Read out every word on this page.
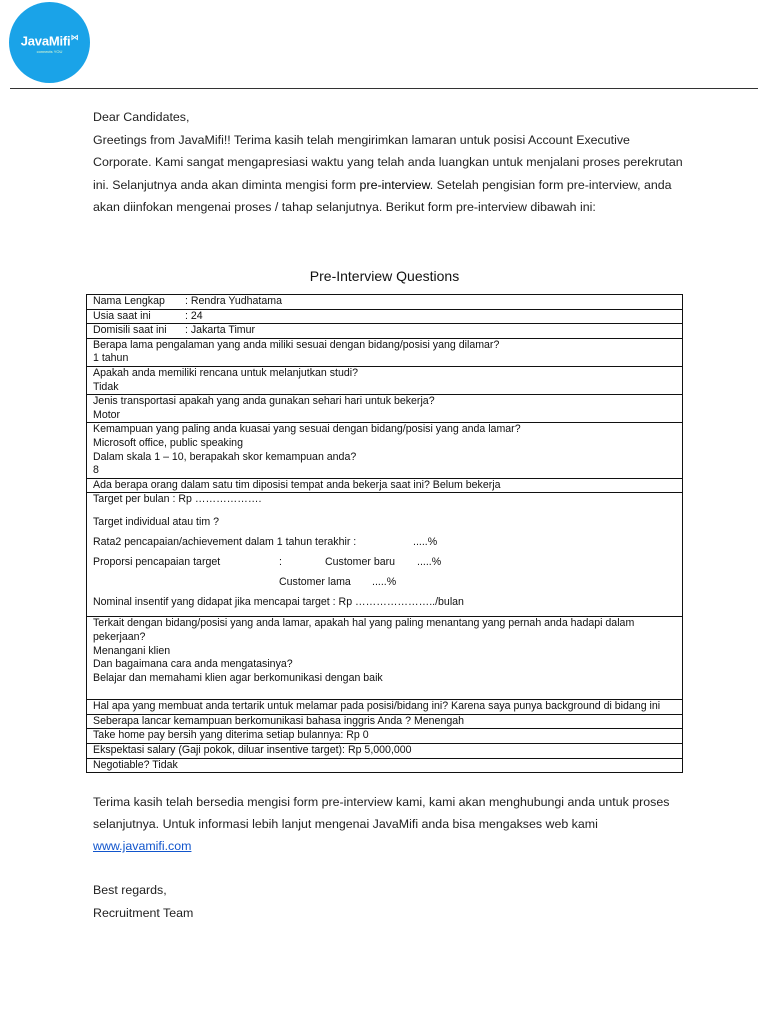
JavaMifi⋈
connects YOU

Dear Candidates,

Greetings from JavaMifi!! Terima kasih telah mengirimkan lamaran untuk posisi Account Executive Corporate. Kami sangat mengapresiasi waktu yang telah anda luangkan untuk menjalani proses perekrutan ini. Selanjutnya anda akan diminta mengisi form pre-interview. Setelah pengisian form pre-interview, anda akan diinfokan mengenai proses / tahap selanjutnya. Berikut form pre-interview dibawah ini:

Pre-Interview Questions
Nama Lengkap : Rendra Yudhatama
Usia saat ini	: 24
Domisili saat ini : Jakarta Timur

Berapa lama pengalaman yang anda miliki sesuai dengan bidang/posisi yang dilamar?
1 tahun

Apakah anda memiliki rencana untuk melanjutkan studi?
Tidak

Jenis transportasi apakah yang anda gunakan sehari hari untuk bekerja?
Motor

Kemampuan yang paling anda kuasai yang sesuai dengan bidang/posisi yang anda lamar?
Microsoft office, public speaking
Dalam skala 1 – 10, berapakah skor kemampuan anda?
8

Ada berapa orang dalam satu tim diposisi tempat anda bekerja saat ini? Belum bekerja

Target per bulan : Rp ……………….
Target individual atau tim ?
Rata2 pencapaian/achievement dalam 1 tahun terakhir :	.....%
Proporsi pencapaian target	:	Customer baru .....%
Customer lama .....%
Nominal insentif yang didapat jika mencapai target : Rp …………………../bulan

Terkait dengan bidang/posisi yang anda lamar, apakah hal yang paling menantang yang pernah anda hadapi dalam pekerjaan?
Menangani klien
Dan bagaimana cara anda mengatasinya?
Belajar dan memahami klien agar berkomunikasi dengan baik

Hal apa yang membuat anda tertarik untuk melamar pada posisi/bidang ini? Karena saya punya background di bidang ini
Seberapa lancar kemampuan berkomunikasi bahasa inggris Anda ? Menengah
Take home pay bersih yang diterima setiap bulannya: Rp 0
Ekspektasi salary (Gaji pokok, diluar insentive target): Rp 5,000,000
Negotiable? Tidak

Terima kasih telah bersedia mengisi form pre-interview kami, kami akan menghubungi anda untuk proses selanjutnya. Untuk informasi lebih lanjut mengenai JavaMifi anda bisa mengakses web kami
www.javamifi.com

Best regards,

Recruitment Team
